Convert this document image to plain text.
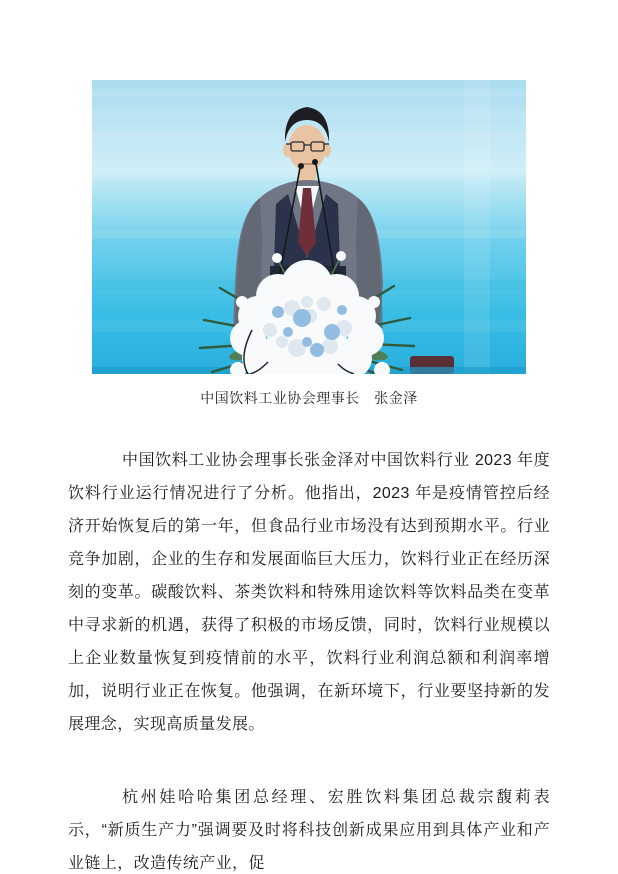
中国饮料工业协会理事长　张金泽

中国饮料工业协会理事长张金泽对中国饮料行业 2023 年度饮料行业运行情况进行了分析。他指出，2023 年是疫情管控后经济开始恢复后的第一年，但食品行业市场没有达到预期水平。行业竞争加剧，企业的生存和发展面临巨大压力，饮料行业正在经历深刻的变革。碳酸饮料、茶类饮料和特殊用途饮料等饮料品类在变革中寻求新的机遇，获得了积极的市场反馈，同时，饮料行业规模以上企业数量恢复到疫情前的水平，饮料行业利润总额和利润率增加，说明行业正在恢复。他强调，在新环境下，行业要坚持新的发展理念，实现高质量发展。

杭州娃哈哈集团总经理、宏胜饮料集团总裁宗馥莉表示，“新质生产力”强调要及时将科技创新成果应用到具体产业和产业链上，改造传统产业，促
